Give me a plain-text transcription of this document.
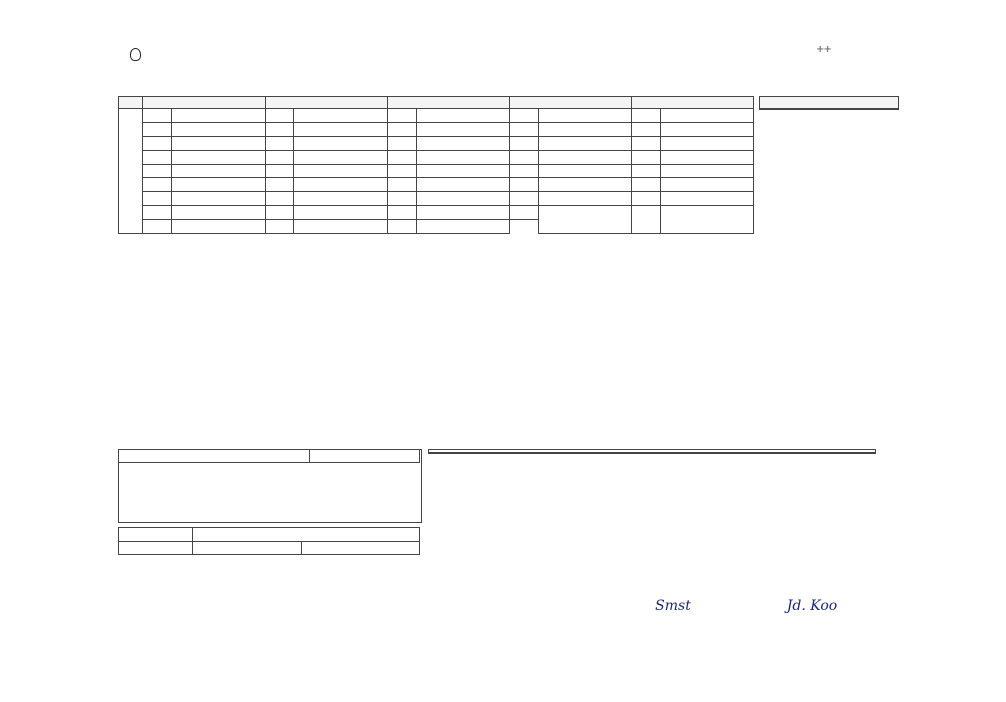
++

Smst	Jd. Koo
